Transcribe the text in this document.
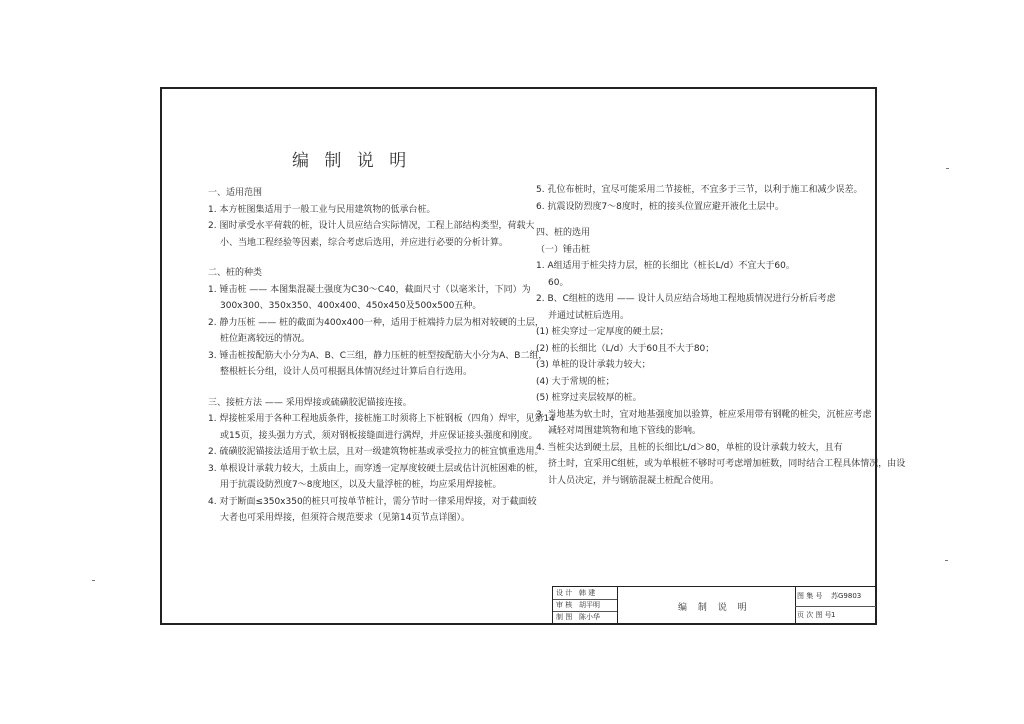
编 制 说 明

一、适用范围

1. 本方桩图集适用于一般工业与民用建筑物的低承台桩。

2. 图时承受水平荷载的桩，设计人员应结合实际情况，工程上部结构类型，荷载大

小、当地工程经验等因素，综合考虑后选用，并应进行必要的分析计算。

二、桩的种类

1. 锤击桩 —— 本图集混凝土强度为C30～C40，截面尺寸（以毫米计，下同）为

300x300、350x350、400x400、450x450及500x500五种。

2. 静力压桩 —— 桩的截面为400x400一种，适用于桩端持力层为相对较硬的土层，

桩位距离较远的情况。

3. 锤击桩按配筋大小分为A、B、C三组，静力压桩的桩型按配筋大小分为A、B二组，

整根桩长分组，设计人员可根据具体情况经过计算后自行选用。

三、接桩方法 —— 采用焊接或硫磺胶泥锚接连接。

1. 焊接桩采用于各种工程地质条件，接桩施工时须将上下桩钢板（四角）焊牢，见第14

或15页，接头强力方式，须对钢板接缝面进行满焊，并应保证接头强度和刚度。

2. 硫磺胶泥锚接法适用于软土层，且对一级建筑物桩基或承受拉力的桩宜慎重选用。

3. 单根设计承载力较大，土质由上，而穿透一定厚度较硬土层或估计沉桩困难的桩，

用于抗震设防烈度7～8度地区，以及大量浮桩的桩，均应采用焊接桩。

4. 对于断面≤350x350的桩只可按单节桩计，需分节时一律采用焊接，对于截面较

大者也可采用焊接，但须符合规范要求（见第14页节点详图）。

5. 孔位布桩时，宜尽可能采用二节接桩，不宜多于三节，以利于施工和减少误差。

6. 抗震设防烈度7～8度时，桩的接头位置应避开液化土层中。

四、桩的选用

（一）锤击桩

1. A组适用于桩尖持力层，桩的长细比（桩长L/d）不宜大于60。

60。

2. B、C组桩的选用 —— 设计人员应结合场地工程地质情况进行分析后考虑

并通过试桩后选用。

(1) 桩尖穿过一定厚度的硬土层；

(2) 桩的长细比（L/d）大于60且不大于80；

(3) 单桩的设计承载力较大；

(4) 大于常规的桩；

(5) 桩穿过夹层较厚的桩。

3. 当地基为软土时，宜对地基强度加以验算，桩应采用带有钢靴的桩尖，沉桩应考虑

减轻对周围建筑物和地下管线的影响。

4. 当桩尖达到硬土层，且桩的长细比L/d＞80，单桩的设计承载力较大，且有

挤土时，宜采用C组桩，或为单根桩不够时可考虑增加桩数，同时结合工程具体情况，由设

计人员决定，并与钢筋混凝土桩配合使用。

设 计 韩 建
审 核 胡平明
制 图 陈小华
编 制 说 明
图 集 号 苏G9803
页 次 图 号 1
